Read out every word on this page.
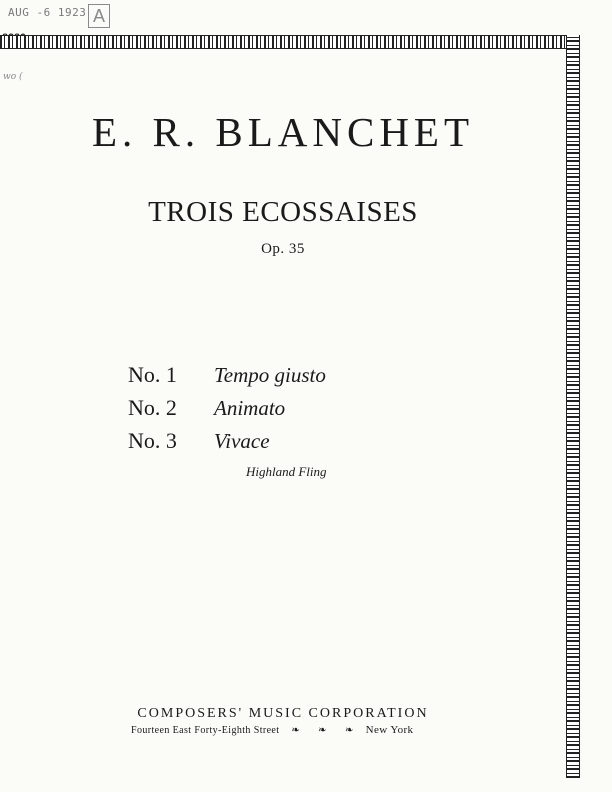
AUG -6 1923 A
wo (
E. R. BLANCHET
TROIS ECOSSAISES
Op. 35
No. 1	Tempo giusto
No. 2	Animato
No. 3	Vivace
Highland Fling
COMPOSERS' MUSIC CORPORATION
Fourteen East Forty-Eighth Street ❧ ❧ ❧ New York
